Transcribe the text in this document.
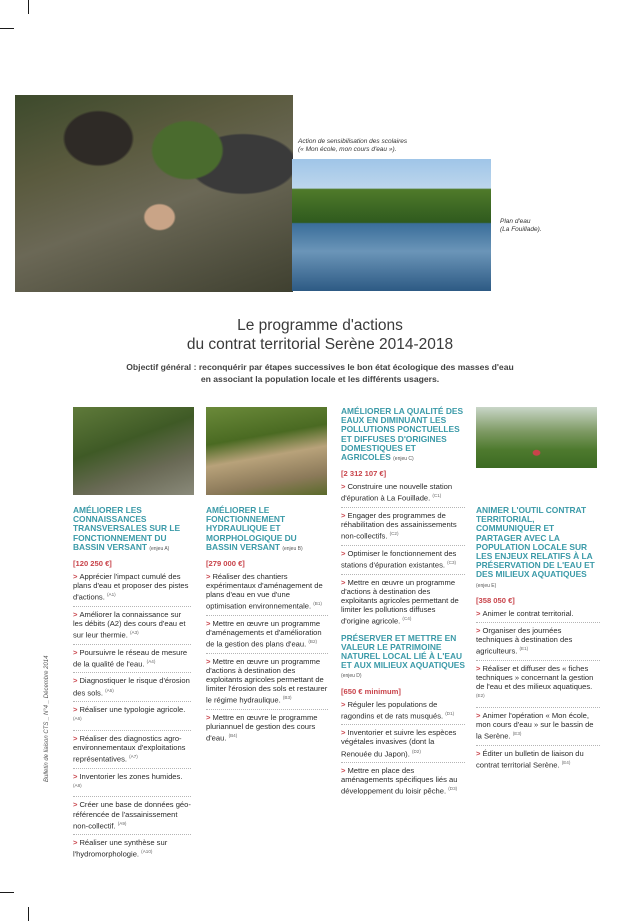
Action de sensibilisation des scolaires
(« Mon école, mon cours d'eau »).
Plan d'eau
(La Fouillade).
Le programme d'actions
du contrat territorial Serène 2014-2018
Objectif général : reconquérir par étapes successives le bon état écologique des masses d'eau
en associant la population locale et les différents usagers.
Bulletin de liaison CTS _ N°4 _ Décembre 2014
AMÉLIORER LES CONNAISSANCES TRANSVERSALES SUR LE FONCTIONNEMENT DU BASSIN VERSANT (enjeu A)
[120 250 €]
> Apprécier l'impact cumulé des plans d'eau et proposer des pistes d'actions. $^{(A1)}$
> Améliorer la connaissance sur les débits (A2) des cours d'eau et sur leur thermie. $^{(A3)}$
> Poursuivre le réseau de mesure de la qualité de l'eau. $^{(A4)}$
> Diagnostiquer le risque d'érosion des sols. $^{(A5)}$
> Réaliser une typologie agricole. $^{(A6)}$
> Réaliser des diagnostics agro-environnementaux d'exploitations représentatives. $^{(A7)}$
> Inventorier les zones humides. $^{(A8)}$
> Créer une base de données géo-référencée de l'assainissement non-collectif. $^{(A9)}$
> Réaliser une synthèse sur l'hydromorphologie. $^{(A10)}$
AMÉLIORER LE FONCTIONNEMENT HYDRAULIQUE ET MORPHOLOGIQUE DU BASSIN VERSANT (enjeu B)
[279 000 €]
> Réaliser des chantiers expérimentaux d'aménagement de plans d'eau en vue d'une optimisation environnementale. $^{(B1)}$
> Mettre en œuvre un programme d'aménagements et d'amélioration de la gestion des plans d'eau. $^{(B2)}$
> Mettre en œuvre un programme d'actions à destination des exploitants agricoles permettant de limiter l'érosion des sols et restaurer le régime hydraulique. $^{(B3)}$
> Mettre en œuvre le programme pluriannuel de gestion des cours d'eau. $^{(B4)}$
AMÉLIORER LA QUALITÉ DES EAUX EN DIMINUANT LES POLLUTIONS PONCTUELLES ET DIFFUSES D'ORIGINES DOMESTIQUES ET AGRICOLES (enjeu C)
[2 312 107 €]
> Construire une nouvelle station d'épuration à La Fouillade. $^{(C1)}$
> Engager des programmes de réhabilitation des assainissements non-collectifs. $^{(C2)}$
> Optimiser le fonctionnement des stations d'épuration existantes. $^{(C3)}$
> Mettre en œuvre un programme d'actions à destination des exploitants agricoles permettant de limiter les pollutions diffuses d'origine agricole. $^{(C4)}$
PRÉSERVER ET METTRE EN VALEUR LE PATRIMOINE NATUREL LOCAL LIÉ À L'EAU ET AUX MILIEUX AQUATIQUES (enjeu D)
[650 € minimum]
> Réguler les populations de ragondins et de rats musqués. $^{(D1)}$
> Inventorier et suivre les espèces végétales invasives (dont la Renouée du Japon). $^{(D2)}$
> Mettre en place des aménagements spécifiques liés au développement du loisir pêche. $^{(D3)}$
ANIMER L'OUTIL CONTRAT TERRITORIAL, COMMUNIQUER ET PARTAGER AVEC LA POPULATION LOCALE SUR LES ENJEUX RELATIFS À LA PRÉSERVATION DE L'EAU ET DES MILIEUX AQUATIQUES (enjeu E)
[358 050 €]
> Animer le contrat territorial.
> Organiser des journées techniques à destination des agriculteurs. $^{(E1)}$
> Réaliser et diffuser des « fiches techniques » concernant la gestion de l'eau et des milieux aquatiques. $^{(E2)}$
> Animer l'opération « Mon école, mon cours d'eau » sur le bassin de la Serène. $^{(E3)}$
> Éditer un bulletin de liaison du contrat territorial Serène. $^{(E4)}$
